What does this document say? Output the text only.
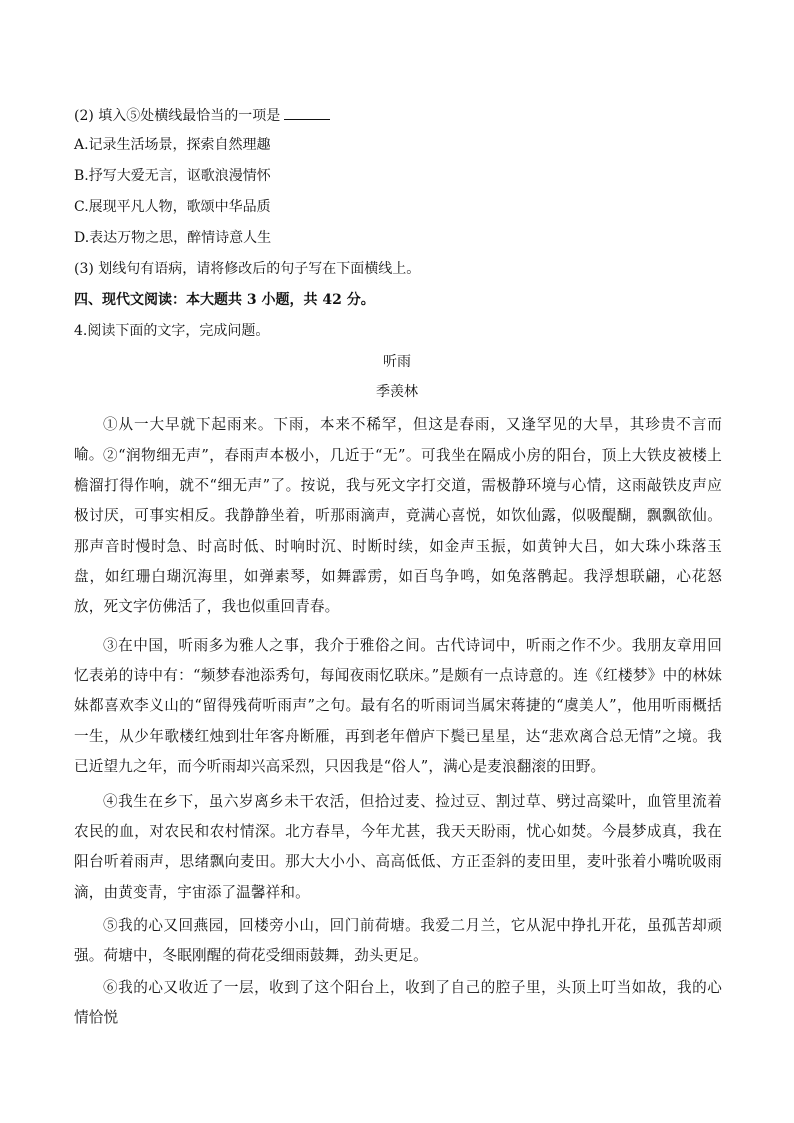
(2) 填入⑤处横线最恰当的一项是
A.记录生活场景，探索自然理趣
B.抒写大爱无言，讴歌浪漫情怀
C.展现平凡人物，歌颂中华品质
D.表达万物之思，醉情诗意人生
(3) 划线句有语病，请将修改后的句子写在下面横线上。
四、现代文阅读：本大题共 3 小题，共 42 分。
4.阅读下面的文字，完成问题。
听雨
季羡林

①从一大早就下起雨来。下雨，本来不稀罕，但这是春雨，又逢罕见的大旱，其珍贵不言而喻。 ②“润物细无声”，春雨声本极小，几近于“无”。可我坐在隔成小房的阳台，顶上大铁皮被楼上檐溜打得作响，就不“细无声”了。按说，我与死文字打交道，需极静环境与心情，这雨敲铁皮声应极讨厌，可事实相反。我静静坐着，听那雨滴声，竟满心喜悦，如饮仙露，似吸醍醐，飘飘欲仙。那声音时慢时急、时高时低、时响时沉、时断时续，如金声玉振，如黄钟大吕，如大珠小珠落玉盘，如红珊白瑚沉海里，如弹素琴，如舞霹雳，如百鸟争鸣，如兔落鹘起。我浮想联翩，心花怒放，死文字仿佛活了，我也似重回青春。

③在中国，听雨多为雅人之事，我介于雅俗之间。古代诗词中，听雨之作不少。我朋友章用回忆表弟的诗中有：“频梦春池添秀句，每闻夜雨忆联床。”是颇有一点诗意的。连《红楼梦》中的林妹妹都喜欢李义山的“留得残荷听雨声”之句。最有名的听雨词当属宋蒋捷的“虞美人”，他用听雨概括一生，从少年歌楼红烛到壮年客舟断雁，再到老年僧庐下鬓已星星，达“悲欢离合总无情”之境。我已近望九之年，而今听雨却兴高采烈，只因我是“俗人”，满心是麦浪翻滚的田野。

④我生在乡下，虽六岁离乡未干农活，但拾过麦、捡过豆、割过草、劈过高粱叶，血管里流着农民的血，对农民和农村情深。北方春旱，今年尤甚，我天天盼雨，忧心如焚。今晨梦成真，我在阳台听着雨声，思绪飘向麦田。那大大小小、高高低低、方正歪斜的麦田里，麦叶张着小嘴吮吸雨滴，由黄变青，宇宙添了温馨祥和。

⑤我的心又回燕园，回楼旁小山，回门前荷塘。我爱二月兰，它从泥中挣扎开花，虽孤苦却顽强。荷塘中，冬眠刚醒的荷花受细雨鼓舞，劲头更足。

⑥我的心又收近了一层，收到了这个阳台上，收到了自己的腔子里，头顶上叮当如故，我的心情恰悦
